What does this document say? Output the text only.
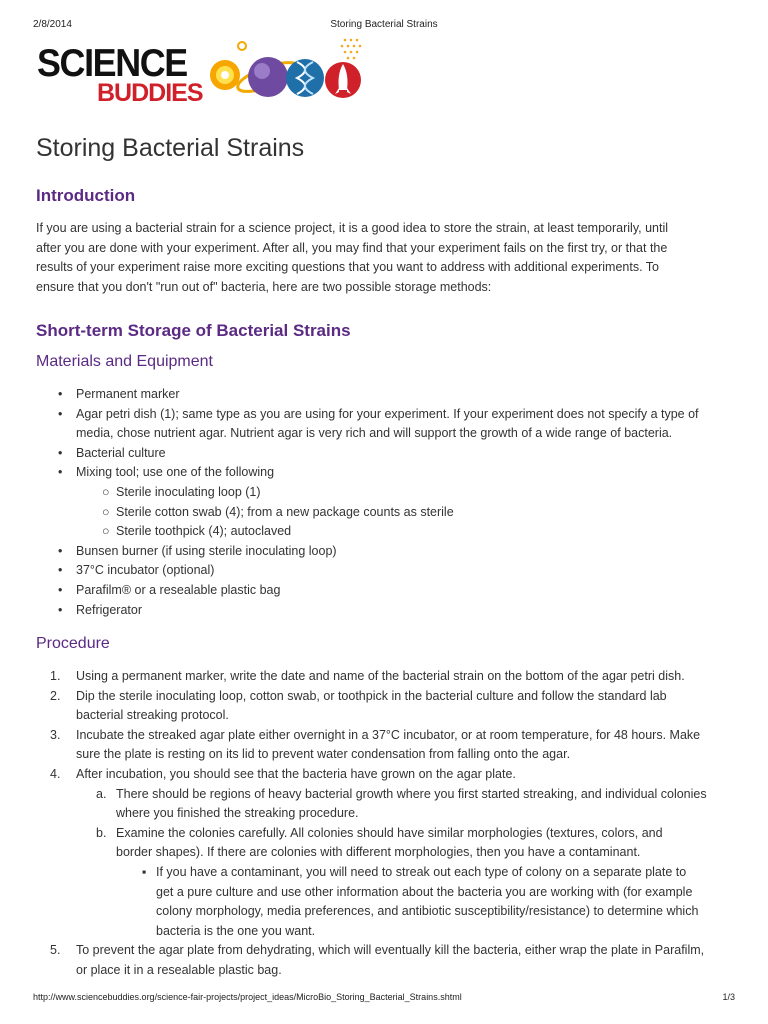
2/8/2014	Storing Bacterial Strains
SCIENCE
BUDDIES
Storing Bacterial Strains
Introduction
If you are using a bacterial strain for a science project, it is a good idea to store the strain, at least temporarily, until
after you are done with your experiment. After all, you may find that your experiment fails on the first try, or that the
results of your experiment raise more exciting questions that you want to address with additional experiments. To
ensure that you don't "run out of" bacteria, here are two possible storage methods:
Short-term Storage of Bacterial Strains
Materials and Equipment
• Permanent marker
• Agar petri dish (1); same type as you are using for your experiment. If your experiment does not specify a type of
media, chose nutrient agar. Nutrient agar is very rich and will support the growth of a wide range of bacteria.
• Bacterial culture
• Mixing tool; use one of the following
○ Sterile inoculating loop (1)
○ Sterile cotton swab (4); from a new package counts as sterile
○ Sterile toothpick (4); autoclaved
• Bunsen burner (if using sterile inoculating loop)
• 37°C incubator (optional)
• Parafilm® or a resealable plastic bag
• Refrigerator
Procedure
1. Using a permanent marker, write the date and name of the bacterial strain on the bottom of the agar petri dish.
2. Dip the sterile inoculating loop, cotton swab, or toothpick in the bacterial culture and follow the standard lab
bacterial streaking protocol.
3. Incubate the streaked agar plate either overnight in a 37°C incubator, or at room temperature, for 48 hours. Make
sure the plate is resting on its lid to prevent water condensation from falling onto the agar.
4. After incubation, you should see that the bacteria have grown on the agar plate.
a. There should be regions of heavy bacterial growth where you first started streaking, and individual colonies
where you finished the streaking procedure.
b. Examine the colonies carefully. All colonies should have similar morphologies (textures, colors, and
border shapes). If there are colonies with different morphologies, then you have a contaminant.
▪ If you have a contaminant, you will need to streak out each type of colony on a separate plate to
get a pure culture and use other information about the bacteria you are working with (for example
colony morphology, media preferences, and antibiotic susceptibility/resistance) to determine which
bacteria is the one you want.
5. To prevent the agar plate from dehydrating, which will eventually kill the bacteria, either wrap the plate in Parafilm,
or place it in a resealable plastic bag.
http://www.sciencebuddies.org/science-fair-projects/project_ideas/MicroBio_Storing_Bacterial_Strains.shtml	1/3
